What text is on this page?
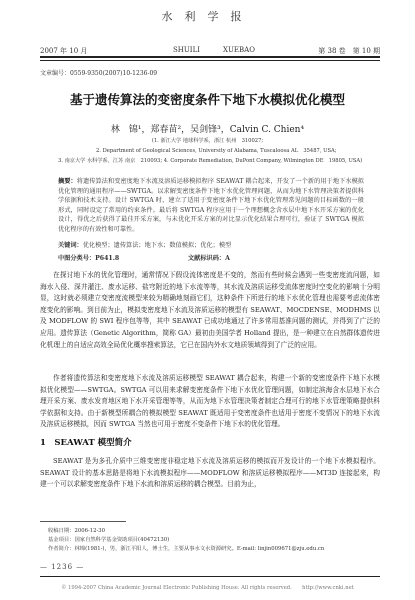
水利学报
2007 年 10 月	SHUILI	XUEBAO	第 38 卷　第 10 期
文章编号：0559-9350(2007)10-1236-09
基于遗传算法的变密度条件下地下水模拟优化模型
林　锦¹，郑春苗²，吴剑锋³，Calvin C. Chien⁴
(1. 浙江大学 地球科学系，浙江 杭州　310027;
2. Department of Geological Sciences, University of Alabama, Tuscaloosa AL　35487, USA;
3. 南京大学 水科学系，江苏 南京　210093; 4. Corporate Remediation, DuPont Company, Wilmington DE　19805, USA)
摘要：将遗传算法和变密度地下水流及溶质运移模拟程序 SEAWAT 耦合起来，开发了一个新的用于地下水模拟优化管理的通用程序——SWTGA。以求解变密度条件下地下水优化管理问题，从而为地下水管理决策者提供科学依据和技术支持。设计 SWTGA 时，建立了适用于变密度条件下地下水优化管理常见问题的目标函数的一般形式，同时设定了常用的约束条件。最后将 SWTGA 程序应用于一个理想概念含水层中地下水开采方案的优化设计，得优之后获得了最佳开采方案，与未优化开采方案的对比显示优化结果合理可行，验证了 SWTGA 模拟优化程序的有效性和可靠性。
关键词：优化模型；遗传算法；地下水；数值模拟；优化；模型
中图分类号：P641.8	文献标识码：A

在探讨地下水的优化管理时，通常情况下假设流体密度是不变的，然而有些时候会遇到一些变密度流问题，如海水入侵、深井灌注、废水运移、盐穹附近的地下水流等等，其水流及溶质运移受流体密度时空变化的影响十分明显，这时就必须建立变密度流模型来较为精确地刻画它们，这种条件下所进行的地下水优化管理也需要考虑流体密度变化的影响。到目前为止，模拟变密度地下水流及溶质运移的模型有 SEAWAT、MOCDENSE、MODHMS 以及 MODFLOW 的 SWI 程序包等等，其中 SEAWAT 已成功地通过了许多常用基准问题的测试，并得到了广泛的应用。遗传算法（Genetic Algorithm，简称 GA）最初由美国学者 Holland 提出，是一种建立在自然群体遗传进化机理上的自适应高效全局优化概率搜索算法，它已在国内外水文地质领域得到了广泛的应用。

作者将遗传算法和变密度地下水流及溶质运移模型 SEAWAT 耦合起来，构建一个新的变密度条件下地下水模拟优化模型——SWTGA。SWTGA 可以用来求解变密度条件下地下水优化管理问题，如制定滨海含水层地下水合理开采方案、废水发育地区地下水开采管理等等，从而为地下水管理决策者制定合理可行的地下水管理策略提供科学依据和支持。由于新模型所耦合的模拟模型 SEAWAT 既适用于变密度条件也适用于密度不变情况下的地下水流及溶质运移模拟，因而 SWTGA 当然也可用于密度不变条件下地下水的优化管理。

1　SEAWAT 模型简介

SEAWAT 是为多孔介质中三维变密度非稳定地下水流及溶质运移的模拟而开发设计的一个地下水模拟程序。SEAWAT 设计的基本思路是将地下水流模拟程序——MODFLOW 和溶质运移模拟程序——MT3D 连接起来，构建一个可以求解变密度条件下地下水流和溶质运移的耦合模型。目前为止，

收稿日期：2006-12-30
基金项目：国家自然科学基金资助项目(40472130)
作者简介：林锦(1981-)，男，浙江平阳人，博士生，主要从事水文水资源研究。E-mail: linjin009671@zju.edu.cn
— 1236 —
© 1994-2007 China Academic Journal Electronic Publishing House. All rights reserved.　　http://www.cnki.net
